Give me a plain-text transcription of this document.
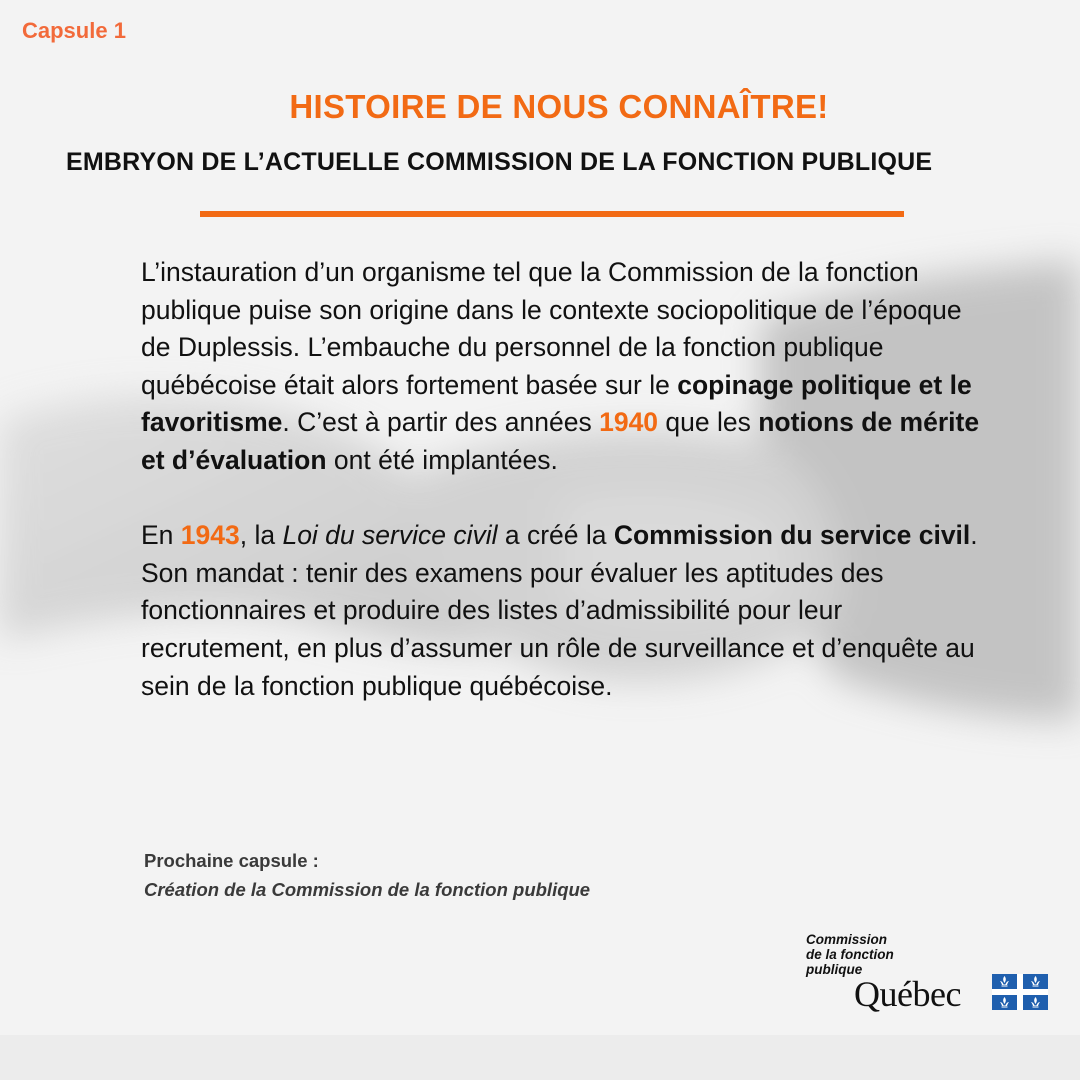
Capsule 1
HISTOIRE DE NOUS CONNAÎTRE!
EMBRYON DE L’ACTUELLE COMMISSION DE LA FONCTION PUBLIQUE

L’instauration d’un organisme tel que la Commission de la fonction publique puise son origine dans le contexte sociopolitique de l’époque de Duplessis. L’embauche du personnel de la fonction publique québécoise était alors fortement basée sur le copinage politique et le favoritisme. C’est à partir des années 1940 que les notions de mérite et d’évaluation ont été implantées.

En 1943, la Loi du service civil a créé la Commission du service civil. Son mandat : tenir des examens pour évaluer les aptitudes des fonctionnaires et produire des listes d’admissibilité pour leur recrutement, en plus d’assumer un rôle de surveillance et d’enquête au sein de la fonction publique québécoise.

Prochaine capsule :
Création de la Commission de la fonction publique
Commission
de la fonction
publique
Québec
